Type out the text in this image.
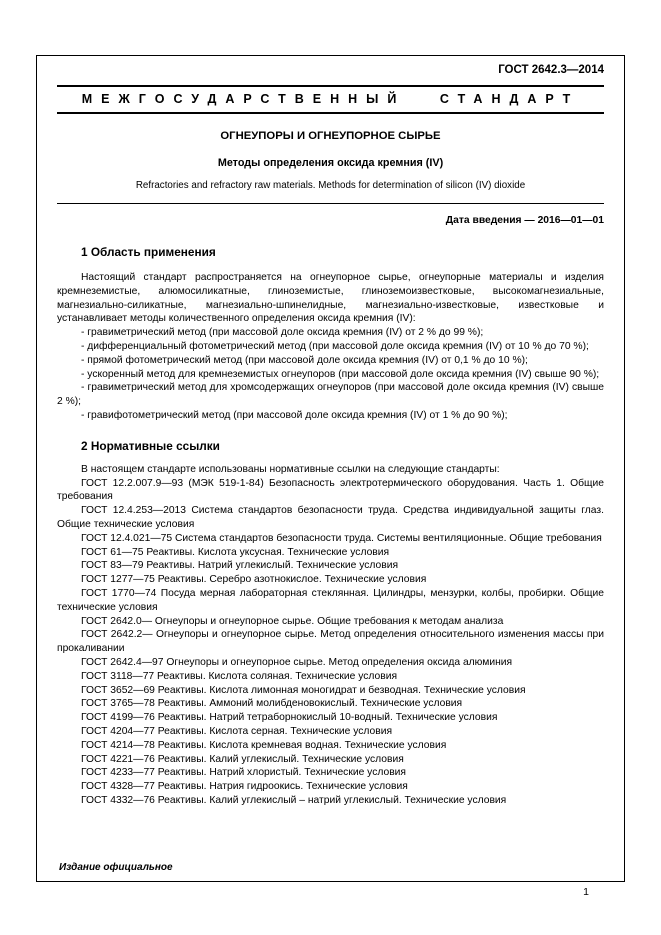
ГОСТ 2642.3—2014
МЕЖГОСУДАРСТВЕННЫЙ СТАНДАРТ
ОГНЕУПОРЫ И ОГНЕУПОРНОЕ СЫРЬЕ
Методы определения оксида кремния (IV)
Refractories and refractory raw materials. Methods for determination of silicon (IV) dioxide
Дата введения — 2016—01—01
1 Область применения

Настоящий стандарт распространяется на огнеупорное сырье, огнеупорные материалы и изделия кремнеземистые, алюмосиликатные, глиноземистые, глиноземоизвестковые, высокомагнезиальные, магнезиально-силикатные, магнезиально-шпинелидные, магнезиально-известковые, известковые и устанавливает методы количественного определения оксида кремния (IV):

- гравиметрический метод (при массовой доле оксида кремния (IV) от 2 % до 99 %);

- дифференциальный фотометрический метод (при массовой доле оксида кремния (IV) от 10 % до 70 %);

- прямой фотометрический метод (при массовой доле оксида кремния (IV) от 0,1 % до 10 %);

- ускоренный метод для кремнеземистых огнеупоров (при массовой доле оксида кремния (IV) свыше 90 %);

- гравиметрический метод для хромсодержащих огнеупоров (при массовой доле оксида кремния (IV) свыше 2 %);

- гравифотометрический метод (при массовой доле оксида кремния (IV) от 1 % до 90 %);

2 Нормативные ссылки

В настоящем стандарте использованы нормативные ссылки на следующие стандарты:

ГОСТ 12.2.007.9—93 (МЭК 519-1-84) Безопасность электротермического оборудования. Часть 1. Общие требования

ГОСТ 12.4.253—2013 Система стандартов безопасности труда. Средства индивидуальной защиты глаз. Общие технические условия

ГОСТ 12.4.021—75 Система стандартов безопасности труда. Системы вентиляционные. Общие требования

ГОСТ 61—75 Реактивы. Кислота уксусная. Технические условия

ГОСТ 83—79 Реактивы. Натрий углекислый. Технические условия

ГОСТ 1277—75 Реактивы. Серебро азотнокислое. Технические условия

ГОСТ 1770—74 Посуда мерная лабораторная стеклянная. Цилиндры, мензурки, колбы, пробирки. Общие технические условия

ГОСТ 2642.0— Огнеупоры и огнеупорное сырье. Общие требования к методам анализа

ГОСТ 2642.2— Огнеупоры и огнеупорное сырье. Метод определения относительного изменения массы при прокаливании

ГОСТ 2642.4—97 Огнеупоры и огнеупорное сырье. Метод определения оксида алюминия

ГОСТ 3118—77 Реактивы. Кислота соляная. Технические условия

ГОСТ 3652—69 Реактивы. Кислота лимонная моногидрат и безводная. Технические условия

ГОСТ 3765—78 Реактивы. Аммоний молибденовокислый. Технические условия

ГОСТ 4199—76 Реактивы. Натрий тетраборнокислый 10-водный. Технические условия

ГОСТ 4204—77 Реактивы. Кислота серная. Технические условия

ГОСТ 4214—78 Реактивы. Кислота кремневая водная. Технические условия

ГОСТ 4221—76 Реактивы. Калий углекислый. Технические условия

ГОСТ 4233—77 Реактивы. Натрий хлористый. Технические условия

ГОСТ 4328—77 Реактивы. Натрия гидроокись. Технические условия

ГОСТ 4332—76 Реактивы. Калий углекислый – натрий углекислый. Технические условия

Издание официальное
1
